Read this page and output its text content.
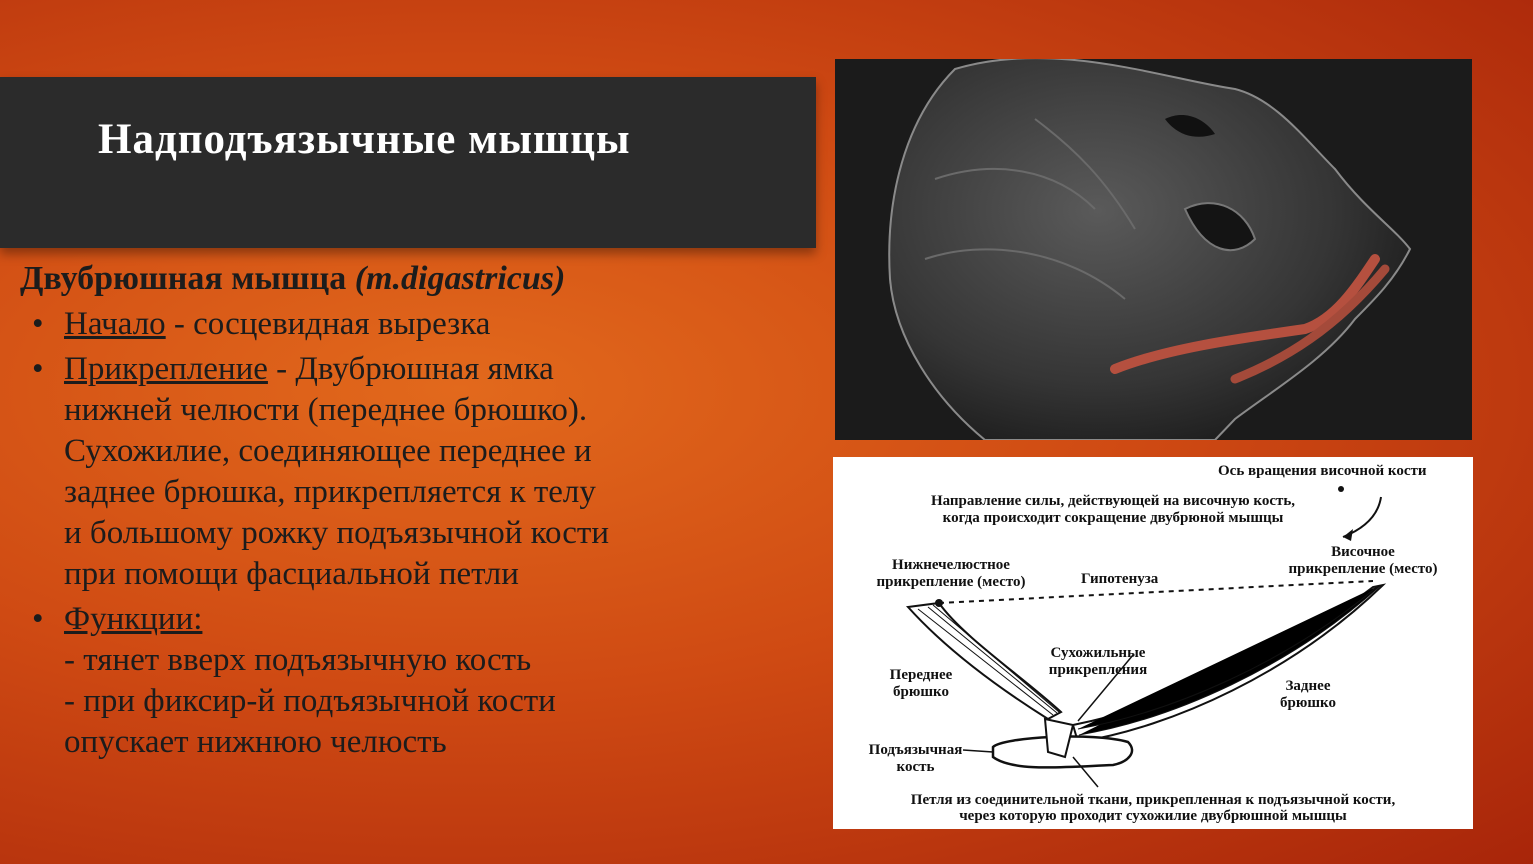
Надподъязычные мышцы
Двубрюшная мышца (m.digastricus)
• Начало - сосцевидная вырезка
• Прикрепление - Двубрюшная ямка
нижней челюсти (переднее брюшко).
Сухожилие, соединяющее переднее и
заднее брюшка, прикрепляется к телу
и большому рожку подъязычной кости
при помощи фасциальной петли
• Функции:
- тянет вверх подъязычную кость
- при фиксир-й подъязычной кости
опускает нижнюю челюсть
Ось вращения височной кости
Направление силы, действующей на височную кость,
когда происходит сокращение двубрюной мышцы
Нижнечелюстное
прикрепление (место)	Гипотенуза
Височное
прикрепление (место)
Сухожильные
прикрепления
Переднее
брюшко	Заднее
брюшко
Подъязычная
кость
Петля из соединительной ткани, прикрепленная к подъязычной кости,
через которую проходит сухожилие двубрюшной мышцы
